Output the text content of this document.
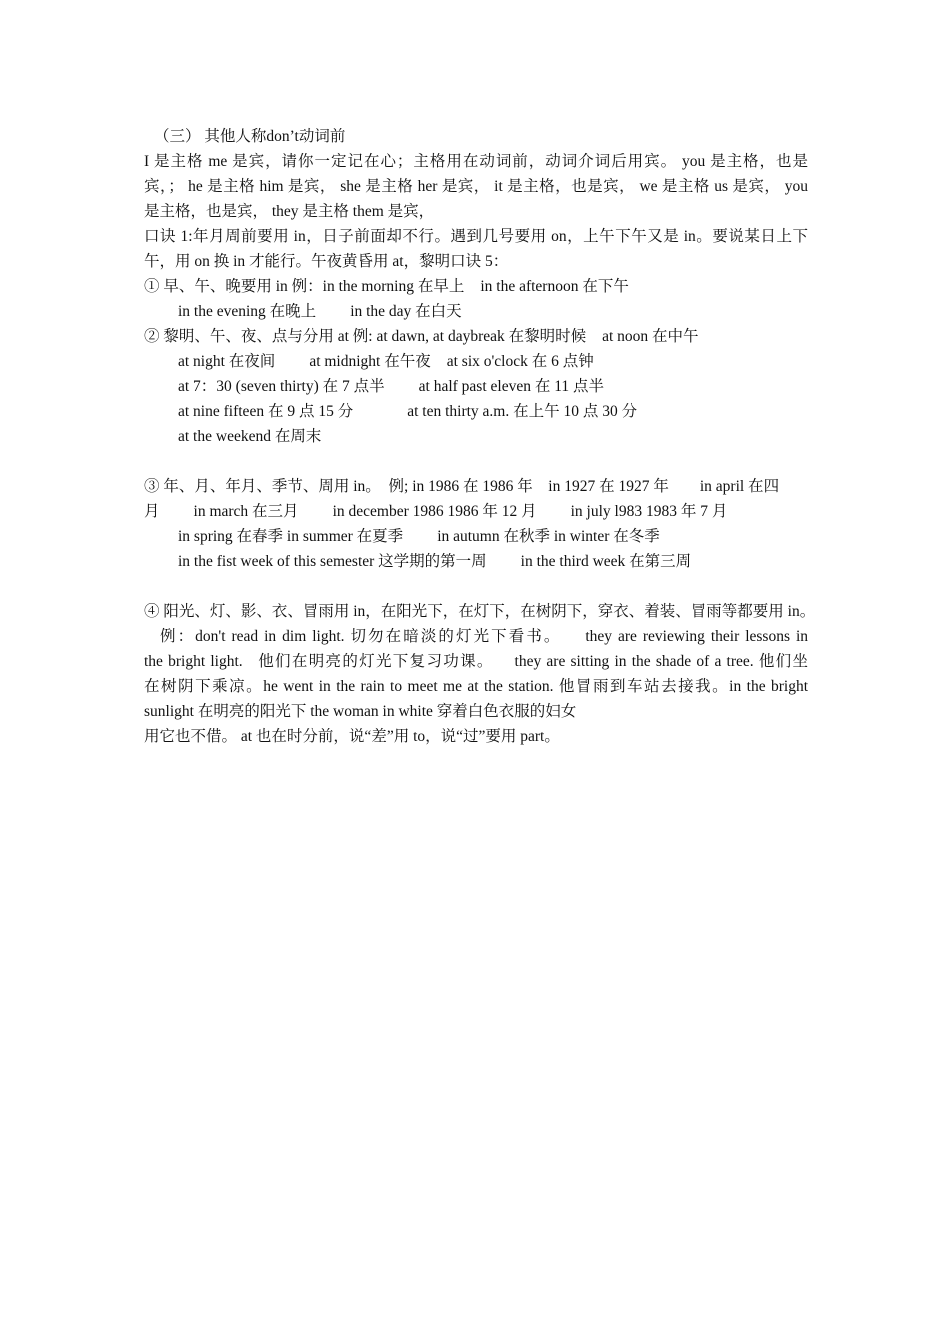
（三） 其他人称don’t动词前
I 是主格 me 是宾，请你一定记在心；主格用在动词前，动词介词后用宾。 you 是主格，也是
宾，； he 是主格 him 是宾， she 是主格 her 是宾， it 是主格，也是宾， we 是主格 us 是宾， you
是主格，也是宾， they 是主格 them 是宾，
口诀 1:年月周前要用 in，日子前面却不行。遇到几号要用 on，上午下午又是 in。要说某日上下
午，用 on 换 in 才能行。午夜黄昏用 at，黎明口诀 5：
① 早、午、晚要用 in 例：in the morning 在早上 in the afternoon 在下午
in the evening 在晚上 in the day 在白天
② 黎明、午、夜、点与分用 at 例: at dawn, at daybreak 在黎明时候 at noon 在中午
at night 在夜间 at midnight 在午夜 at six o'clock 在 6 点钟
at 7：30 (seven thirty) 在 7 点半 at half past eleven 在 11 点半
at nine fifteen 在 9 点 15 分	at ten thirty a.m. 在上午 10 点 30 分
at the weekend 在周末
③ 年、月、年月、季节、周用 in。  例; in 1986 在 1986 年    in 1927 在 1927 年        in april 在四
月 in march 在三月 in december 1986 1986 年 12 月 in july l983 1983 年 7 月
in spring 在春季 in summer 在夏季 in autumn 在秋季 in winter 在冬季
in the fist week of this semester 这学期的第一周 in the third week 在第三周
④ 阳光、灯、影、衣、冒雨用 in，在阳光下，在灯下，在树阴下，穿衣、着装、冒雨等都要用 in。
例：don't read in dim light. 切勿在暗淡的灯光下看书。    they are reviewing their lessons in
the bright light.   他们在明亮的灯光下复习功课。    they are sitting in the shade of a tree. 他们坐
在树阴下乘凉。he went in the rain to meet me at the station. 他冒雨到车站去接我。in the bright
sunlight 在明亮的阳光下 the woman in white 穿着白色衣服的妇女
用它也不借。 at 也在时分前，说“差”用 to，说“过”要用 part。
